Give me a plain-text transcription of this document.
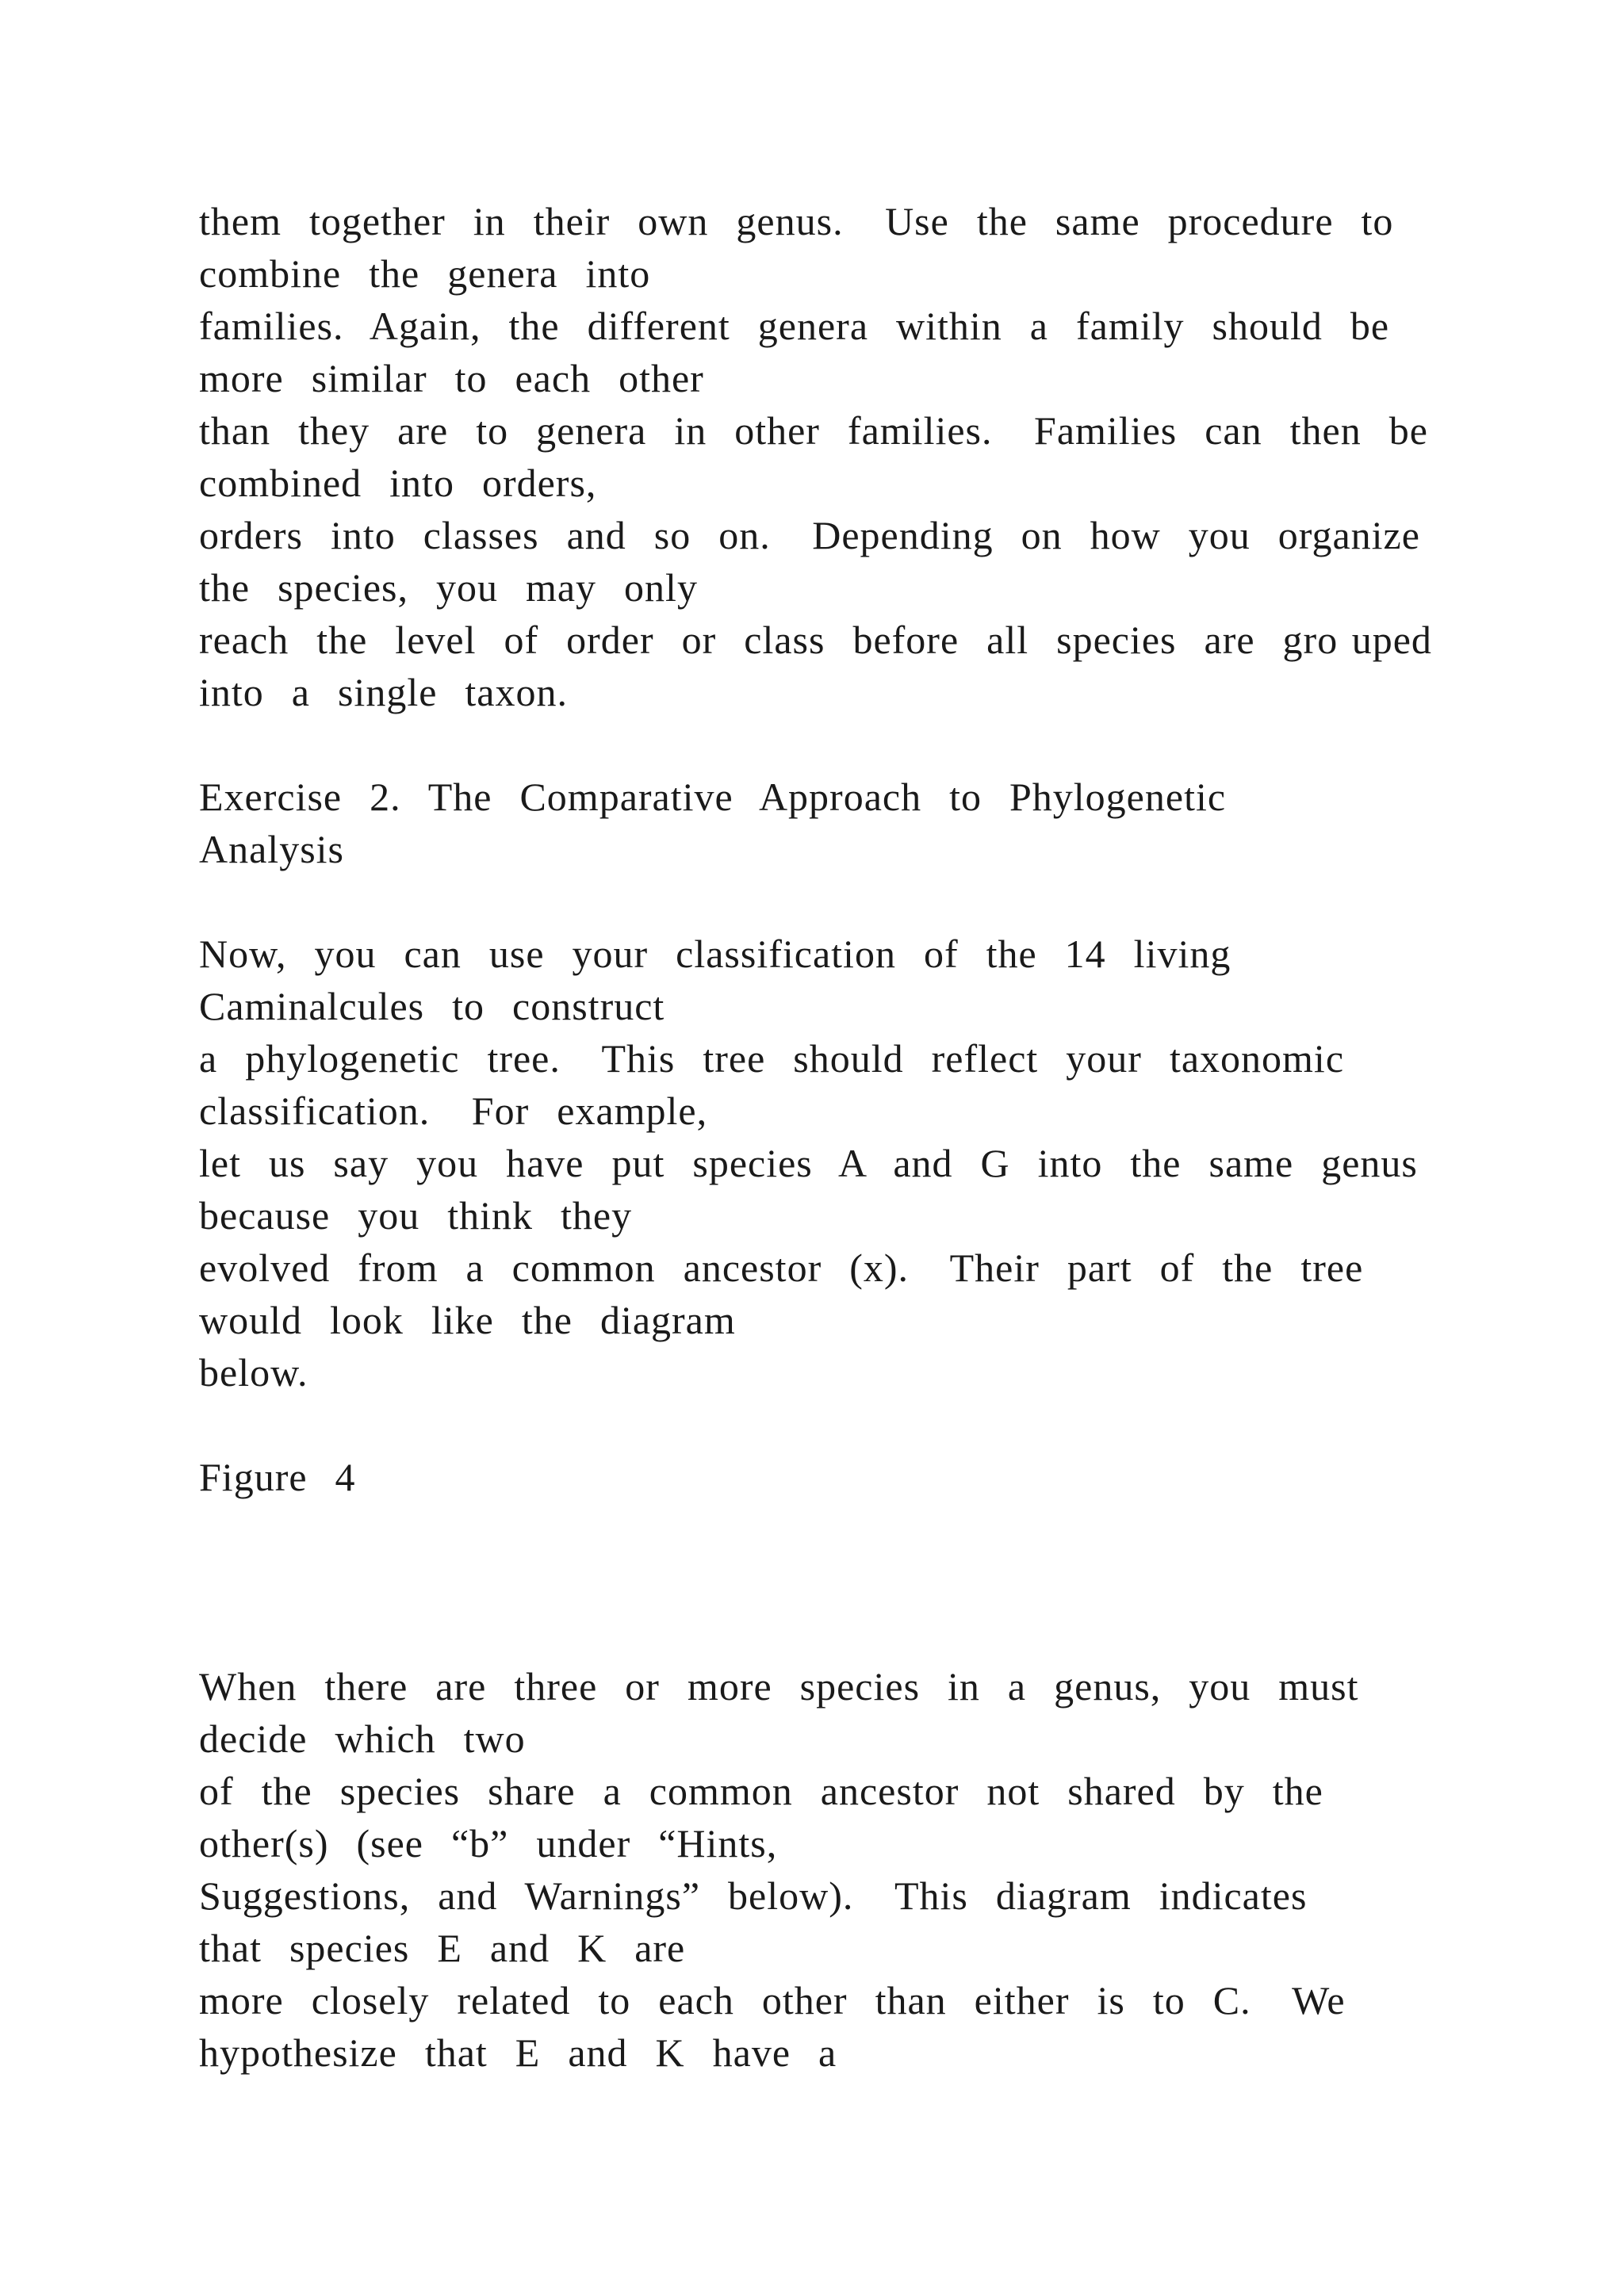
them  together  in  their  own  genus.   Use  the  same  procedure  to
combine  the  genera  into
families.  Again,  the  different  genera  within  a  family  should  be
more  similar  to  each  other
than  they  are  to  genera  in  other  families.   Families  can  then  be
combined  into  orders,
orders  into  classes  and  so  on.   Depending  on  how  you  organize
the  species,  you  may  only
reach  the  level  of  order  or  class  before  all  species  are  gro uped
into  a  single  taxon.
Exercise  2.  The  Comparative  Approach  to  Phylogenetic
Analysis
Now,  you  can  use  your  classification  of  the  14  living
Caminalcules  to  construct
a  phylogenetic  tree.   This  tree  should  reflect  your  taxonomic
classification.   For  example,
let  us  say  you  have  put  species  A  and  G  into  the  same  genus
because  you  think  they
evolved  from  a  common  ancestor  (x).   Their  part  of  the  tree
would  look  like  the  diagram
below.
Figure  4
When  there  are  three  or  more  species  in  a  genus,  you  must
decide  which  two
of  the  species  share  a  common  ancestor  not  shared  by  the
other(s)  (see  “b”  under  “Hints,
Suggestions,  and  Warnings”  below).   This  diagram  indicates
that  species  E  and  K  are
more  closely  related  to  each  other  than  either  is  to  C.   We
hypothesize  that  E  and  K  have  a
